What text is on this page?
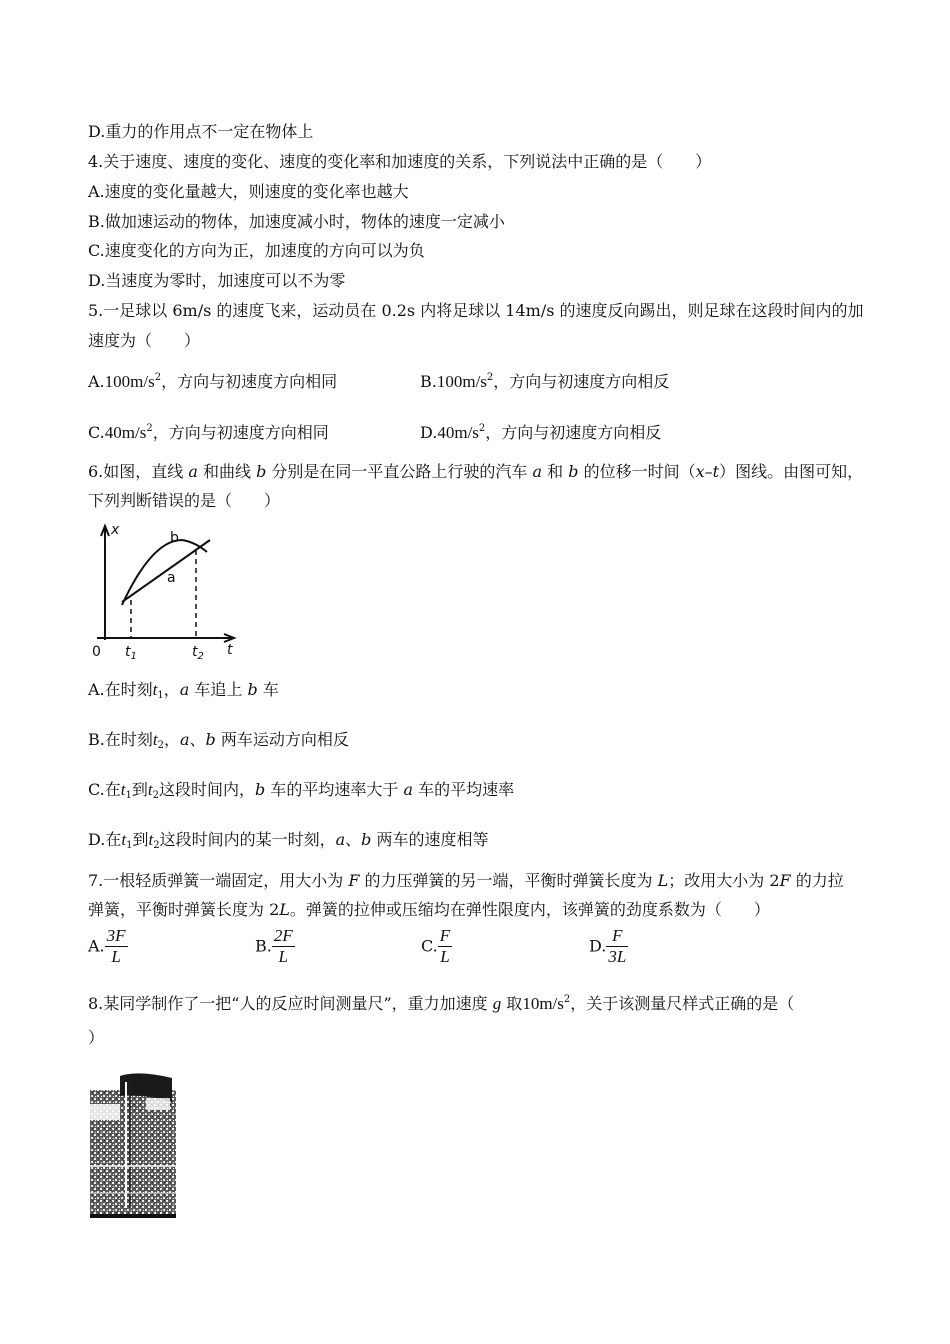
D.重力的作用点不一定在物体上
4.关于速度、速度的变化、速度的变化率和加速度的关系，下列说法中正确的是（　　）
A.速度的变化量越大，则速度的变化率也越大
B.做加速运动的物体，加速度减小时，物体的速度一定减小
C.速度变化的方向为正，加速度的方向可以为负
D.当速度为零时，加速度可以不为零
5.一足球以 6m/s 的速度飞来，运动员在 0.2s 内将足球以 14m/s 的速度反向踢出，则足球在这段时间内的加
速度为（　　）
$A.100m/s^2$，方向与初速度方向相同	$B.100m/s^2$，方向与初速度方向相反
$C.40m/s^2$，方向与初速度方向相同	$D.40m/s^2$，方向与初速度方向相反
6.如图，直线 a 和曲线 b 分别是在同一平直公路上行驶的汽车 a 和 b 的位移一时间（x–t）图线。由图可知，
下列判断错误的是（　　）
x
t
0
b
a
$t_1$	$t_2$
A.在时刻$t_1$，a 车追上 b 车
B.在时刻$t_2$，a、b 两车运动方向相反
C.在$t_1$到$t_2$这段时间内，b 车的平均速率大于 a 车的平均速率
D.在$t_1$到$t_2$这段时间内的某一时刻，a、b 两车的速度相等
7.一根轻质弹簧一端固定，用大小为 F 的力压弹簧的另一端，平衡时弹簧长度为 L；改用大小为 2F 的力拉
弹簧，平衡时弹簧长度为 2L。弹簧的拉伸或压缩均在弹性限度内，该弹簧的劲度系数为（　　）
A. $\frac{3F}{L}$	B. $\frac{2F}{L}$	C. $\frac{F}{L}$	D. $\frac{F}{3L}$
8.某同学制作了一把“人的反应时间测量尺”，重力加速度 g 取$10m/s^2$，关于该测量尺样式正确的是（
）
